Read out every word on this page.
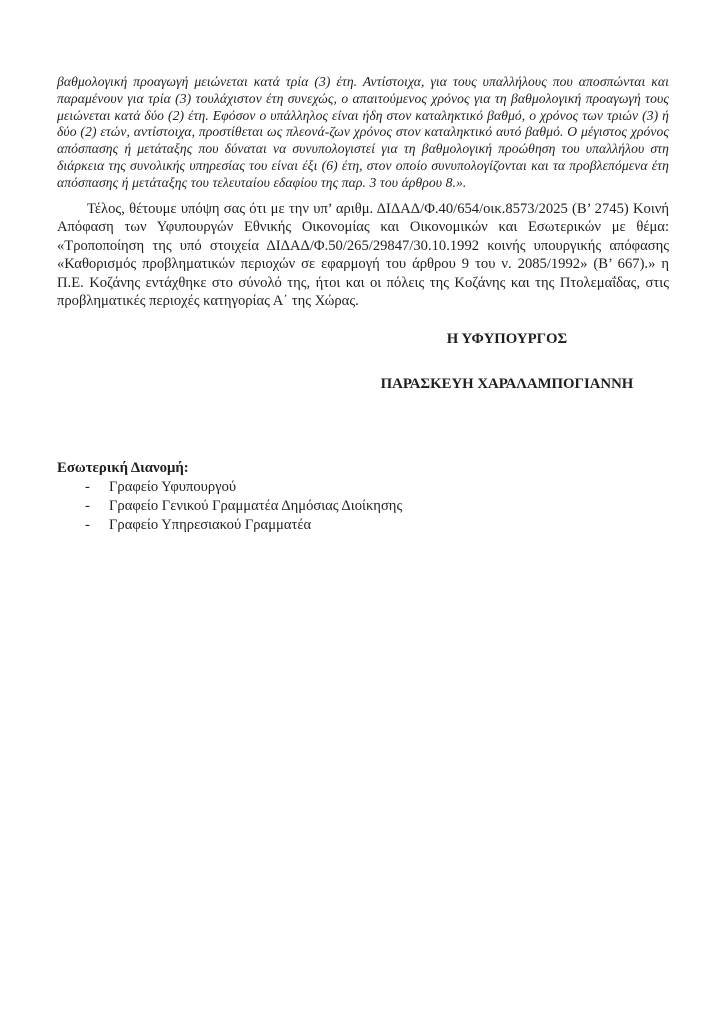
βαθμολογική προαγωγή μειώνεται κατά τρία (3) έτη. Αντίστοιχα, για τους υπαλλήλους που αποσπώνται και παραμένουν για τρία (3) τουλάχιστον έτη συνεχώς, ο απαιτούμενος χρόνος για τη βαθμολογική προαγωγή τους μειώνεται κατά δύο (2) έτη. Εφόσον ο υπάλληλος είναι ήδη στον καταληκτικό βαθμό, ο χρόνος των τριών (3) ή δύο (2) ετών, αντίστοιχα, προστίθεται ως πλεονά-ζων χρόνος στον καταληκτικό αυτό βαθμό. Ο μέγιστος χρόνος απόσπασης ή μετάταξης που δύναται να συνυπολογιστεί για τη βαθμολογική προώθηση του υπαλλήλου στη διάρκεια της συνολικής υπηρεσίας του είναι έξι (6) έτη, στον οποίο συνυπολογίζονται και τα προβλεπόμενα έτη απόσπασης ή μετάταξης του τελευταίου εδαφίου της παρ. 3 του άρθρου 8.».

Τέλος, θέτουμε υπόψη σας ότι με την υπ’ αριθμ. ΔΙΔΑΔ/Φ.40/654/οικ.8573/2025 (Β’ 2745) Κοινή Απόφαση των Υφυπουργών Εθνικής Οικονομίας και Οικονομικών και Εσωτερικών με θέμα: «Τροποποίηση της υπό στοιχεία ΔΙΔΑΔ/Φ.50/265/29847/30.10.1992 κοινής υπουργικής απόφασης «Καθορισμός προβληματικών περιοχών σε εφαρμογή του άρθρου 9 του ν. 2085/1992» (Β’ 667).» η Π.Ε. Κοζάνης εντάχθηκε στο σύνολό της, ήτοι και οι πόλεις της Κοζάνης και της Πτολεμαΐδας, στις προβληματικές περιοχές κατηγορίας Α΄ της Χώρας.

Η ΥΦΥΠΟΥΡΓΟΣ
ΠΑΡΑΣΚΕΥΗ ΧΑΡΑΛΑΜΠΟΓΙΑΝΝΗ

Εσωτερική Διανομή:

-	Γραφείο Υφυπουργού
-	Γραφείο Γενικού Γραμματέα Δημόσιας Διοίκησης
-	Γραφείο Υπηρεσιακού Γραμματέα
